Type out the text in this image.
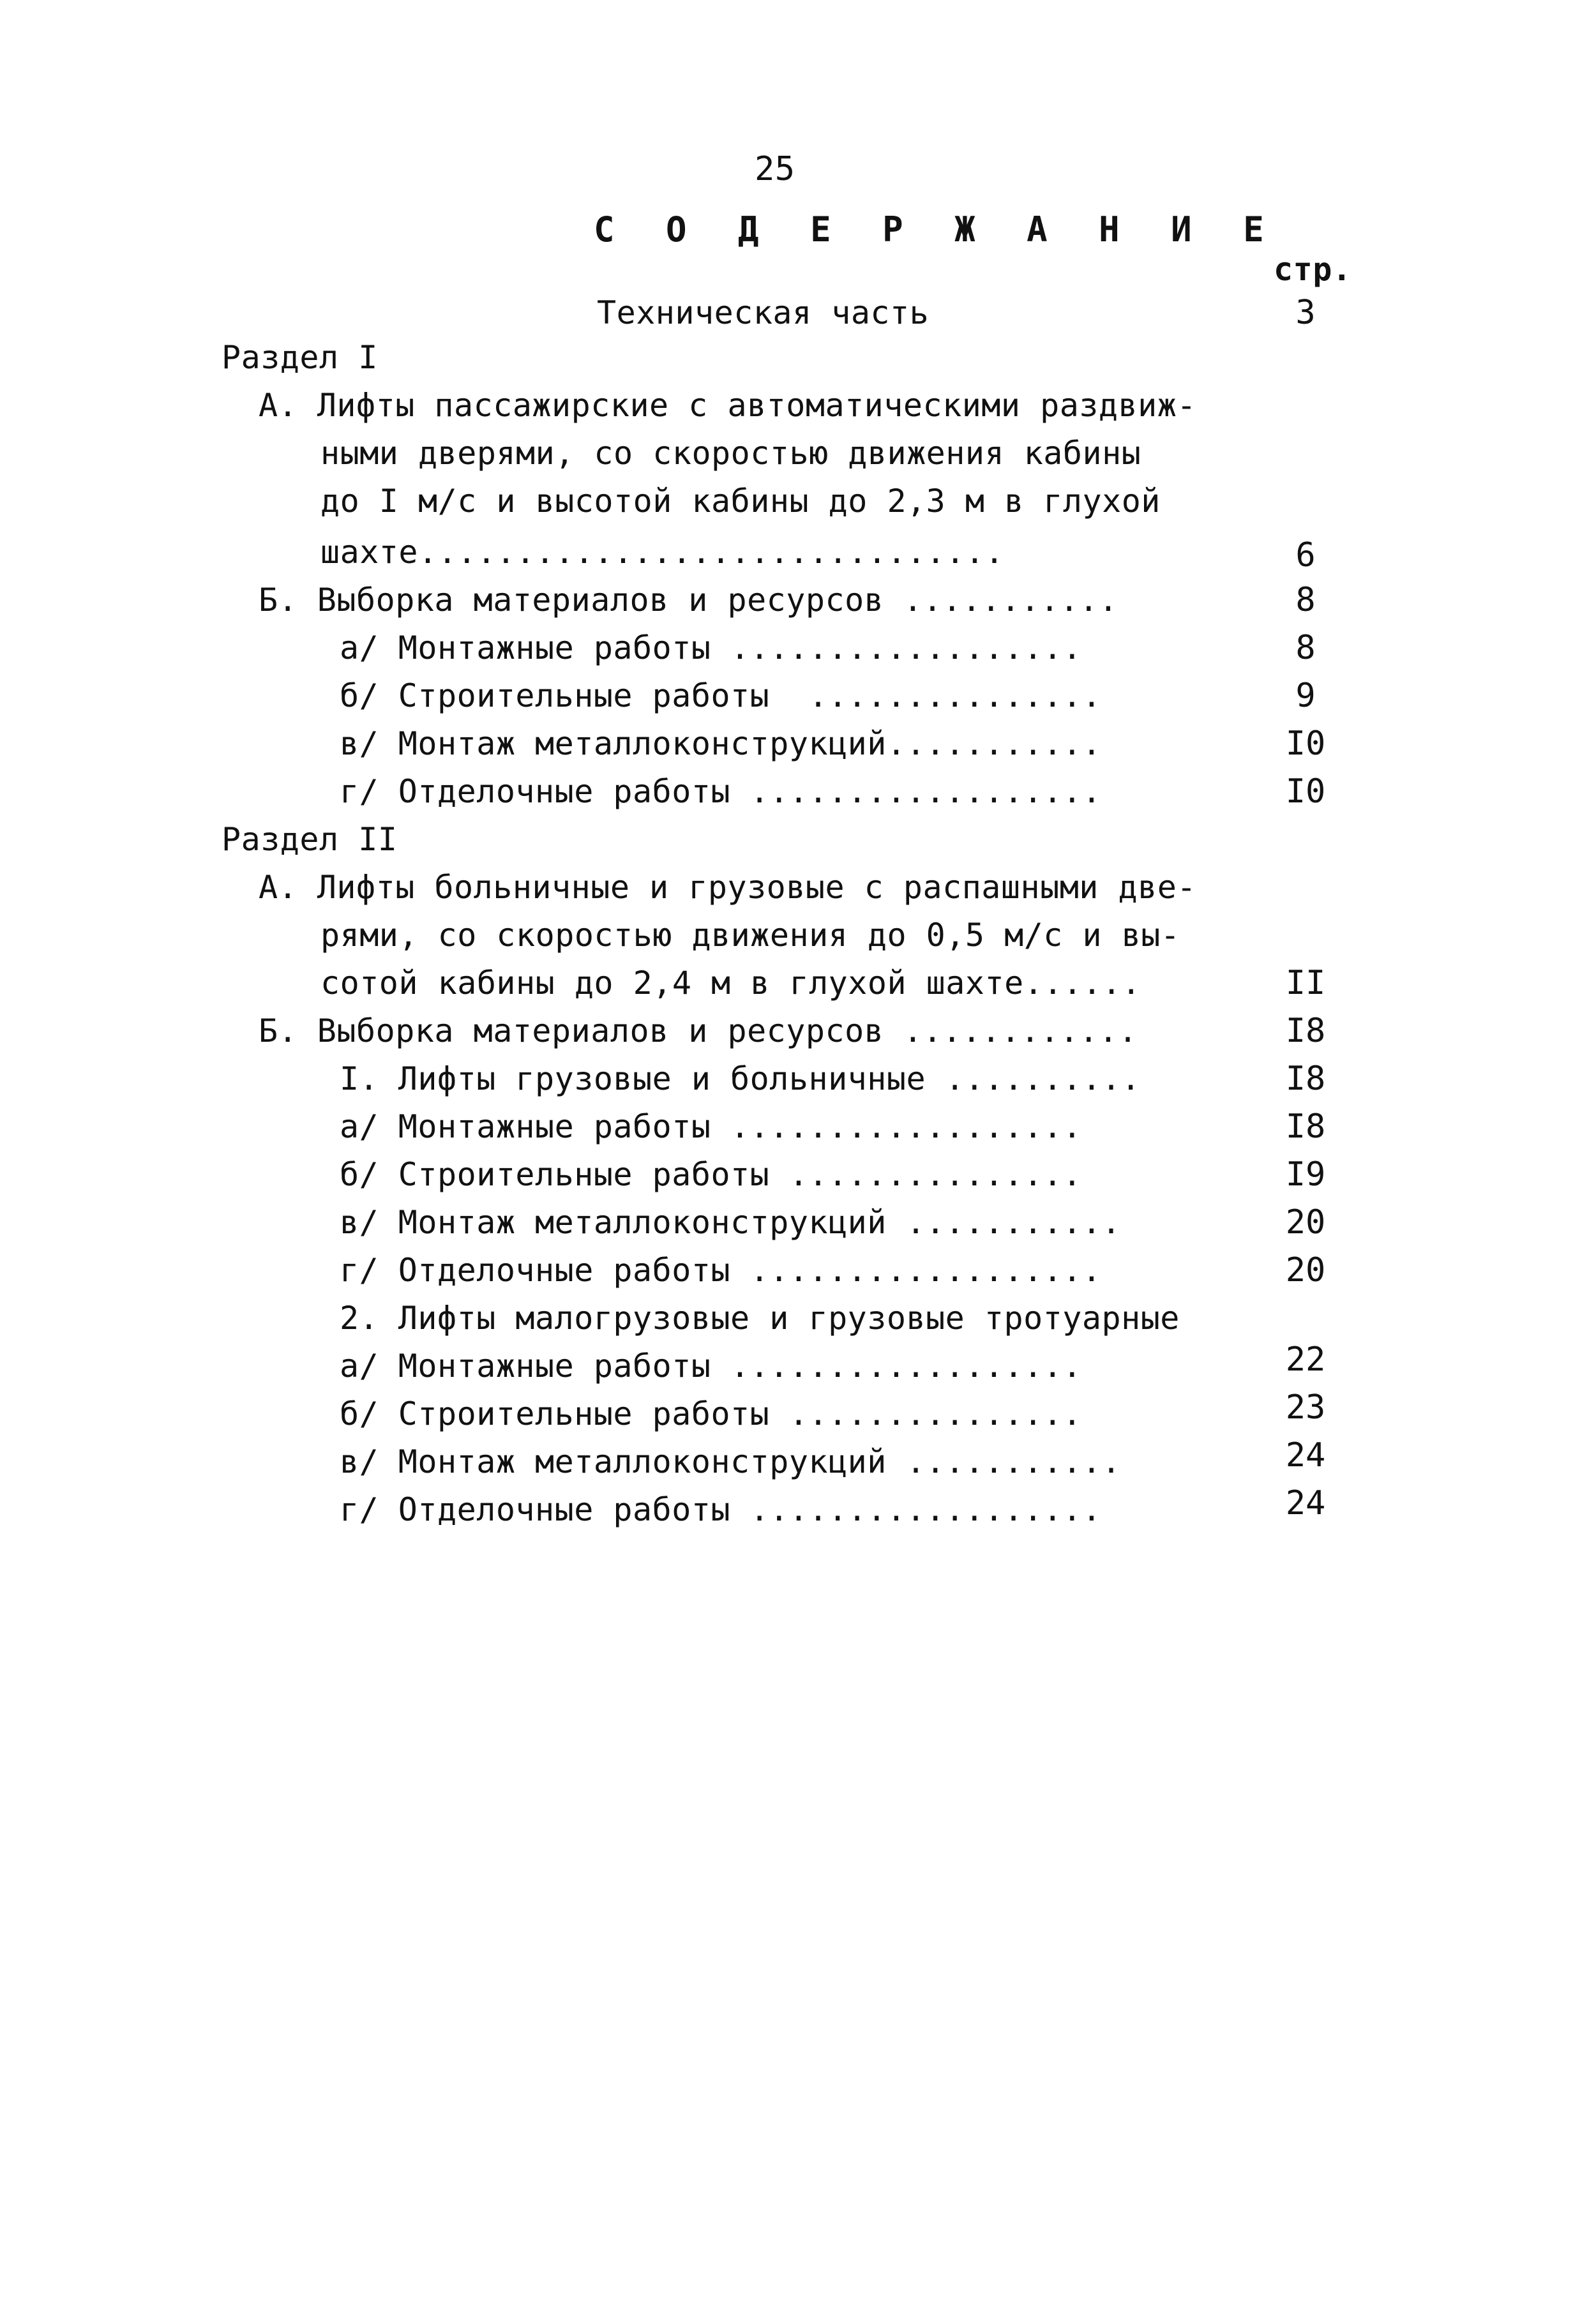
25
С О Д Е Р Ж А Н И Е
стр.
Техническая часть	3
Раздел I
А. Лифты пассажирские с автоматическими раздвиж-
ными дверями, со скоростью движения кабины
до I м/с и высотой кабины до 2,3 м в глухой
шахте..............................	6
Б. Выборка материалов и ресурсов ...........	8
а/ Монтажные работы ..................	8
б/ Строительные работы  ...............	9
в/ Монтаж металлоконструкций...........	I0
г/ Отделочные работы ..................	I0
Раздел II
А. Лифты больничные и грузовые с распашными две-
рями, со скоростью движения до 0,5 м/с и вы-
сотой кабины до 2,4 м в глухой шахте......	II
Б. Выборка материалов и ресурсов ............	I8
I. Лифты грузовые и больничные ..........	I8
а/ Монтажные работы ..................	I8
б/ Строительные работы ...............	I9
в/ Монтаж металлоконструкций ...........	20
г/ Отделочные работы ..................	20
2. Лифты малогрузовые и грузовые тротуарные
а/ Монтажные работы ..................	22
б/ Строительные работы ...............	23
в/ Монтаж металлоконструкций ...........	24
г/ Отделочные работы ..................	24
